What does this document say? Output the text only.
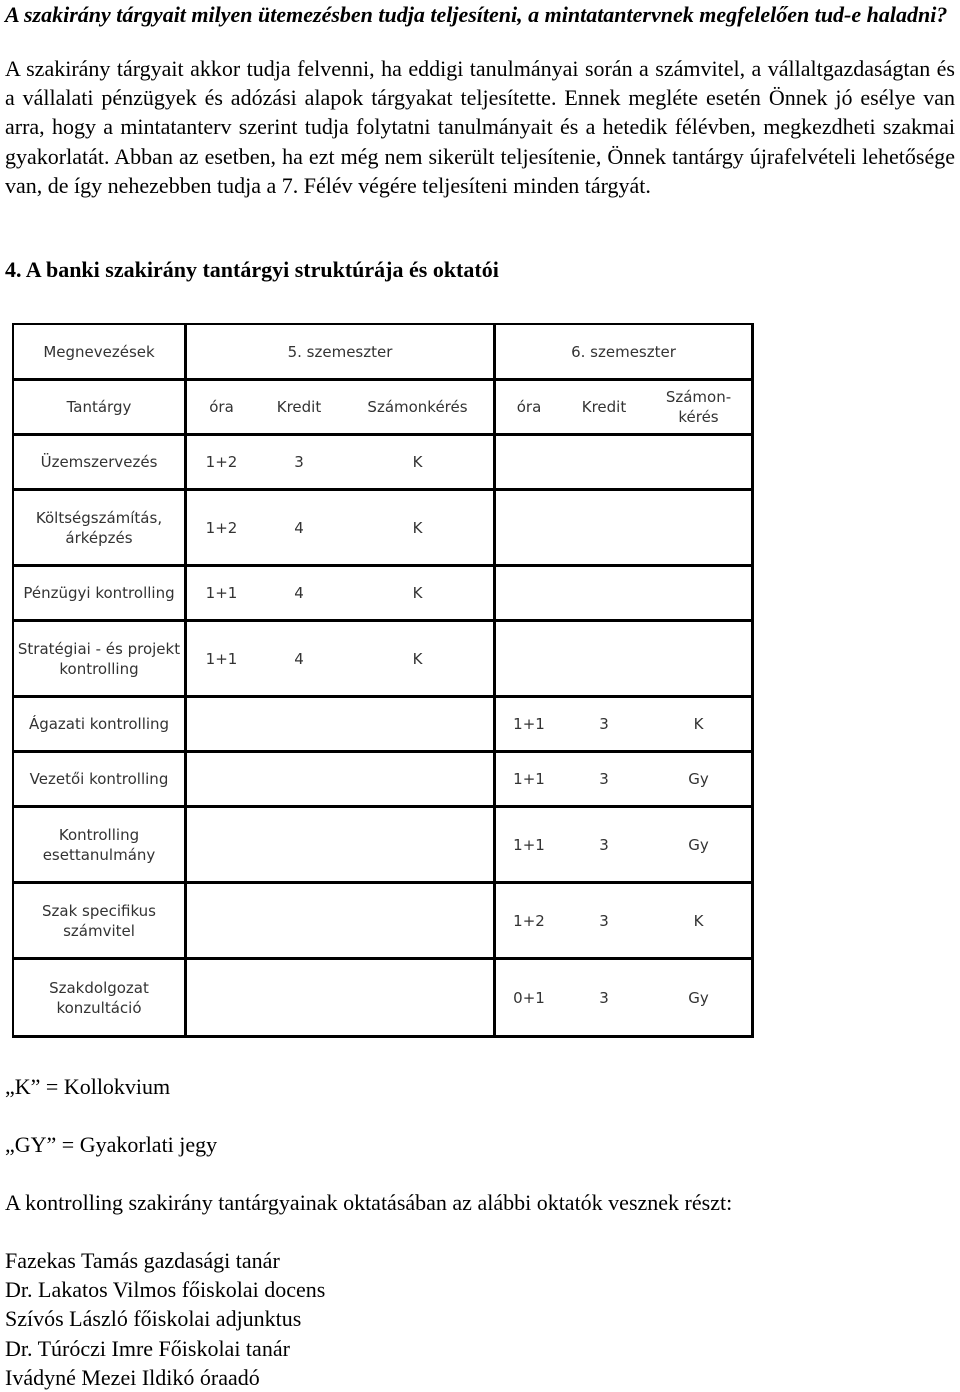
A szakirány tárgyait milyen ütemezésben tudja teljesíteni, a mintatantervnek megfelelően tud-e haladni?
A szakirány tárgyait akkor tudja felvenni, ha eddigi tanulmányai során a számvitel, a vállaltgazdaságtan és a vállalati pénzügyek és adózási alapok tárgyakat teljesítette. Ennek megléte esetén Önnek jó esélye van arra, hogy a mintatanterv szerint tudja folytatni tanulmányait és a hetedik félévben, megkezdheti szakmai gyakorlatát. Abban az esetben, ha ezt még nem sikerült teljesítenie, Önnek tantárgy újrafelvételi lehetősége van, de így nehezebben tudja a 7. Félév végére teljesíteni minden tárgyát.
4. A banki szakirány tantárgyi struktúrája és oktatói
Megnevezések	5. szemeszter			6. szemeszter		
Tantárgy	óra	Kredit	Számonkérés	óra	Kredit	Számon-kérés
Üzemszervezés	1+2	3	K			
Költségszámítás, árképzés	1+2	4	K			
Pénzügyi kontrolling	1+1	4	K			
Stratégiai - és projekt kontrolling	1+1	4	K			
Ágazati kontrolling				1+1	3	K
Vezetői kontrolling				1+1	3	Gy
Kontrolling esettanulmány				1+1	3	Gy
Szak specifikus számvitel				1+2	3	K
Szakdolgozat konzultáció				0+1	3	Gy
„K” = Kollokvium
„GY” = Gyakorlati jegy
A kontrolling szakirány tantárgyainak oktatásában az alábbi oktatók vesznek részt:
Fazekas Tamás gazdasági tanár
Dr. Lakatos Vilmos főiskolai docens
Szívós László főiskolai adjunktus
Dr. Túróczi Imre Főiskolai tanár
Ivádyné Mezei Ildikó óraadó
